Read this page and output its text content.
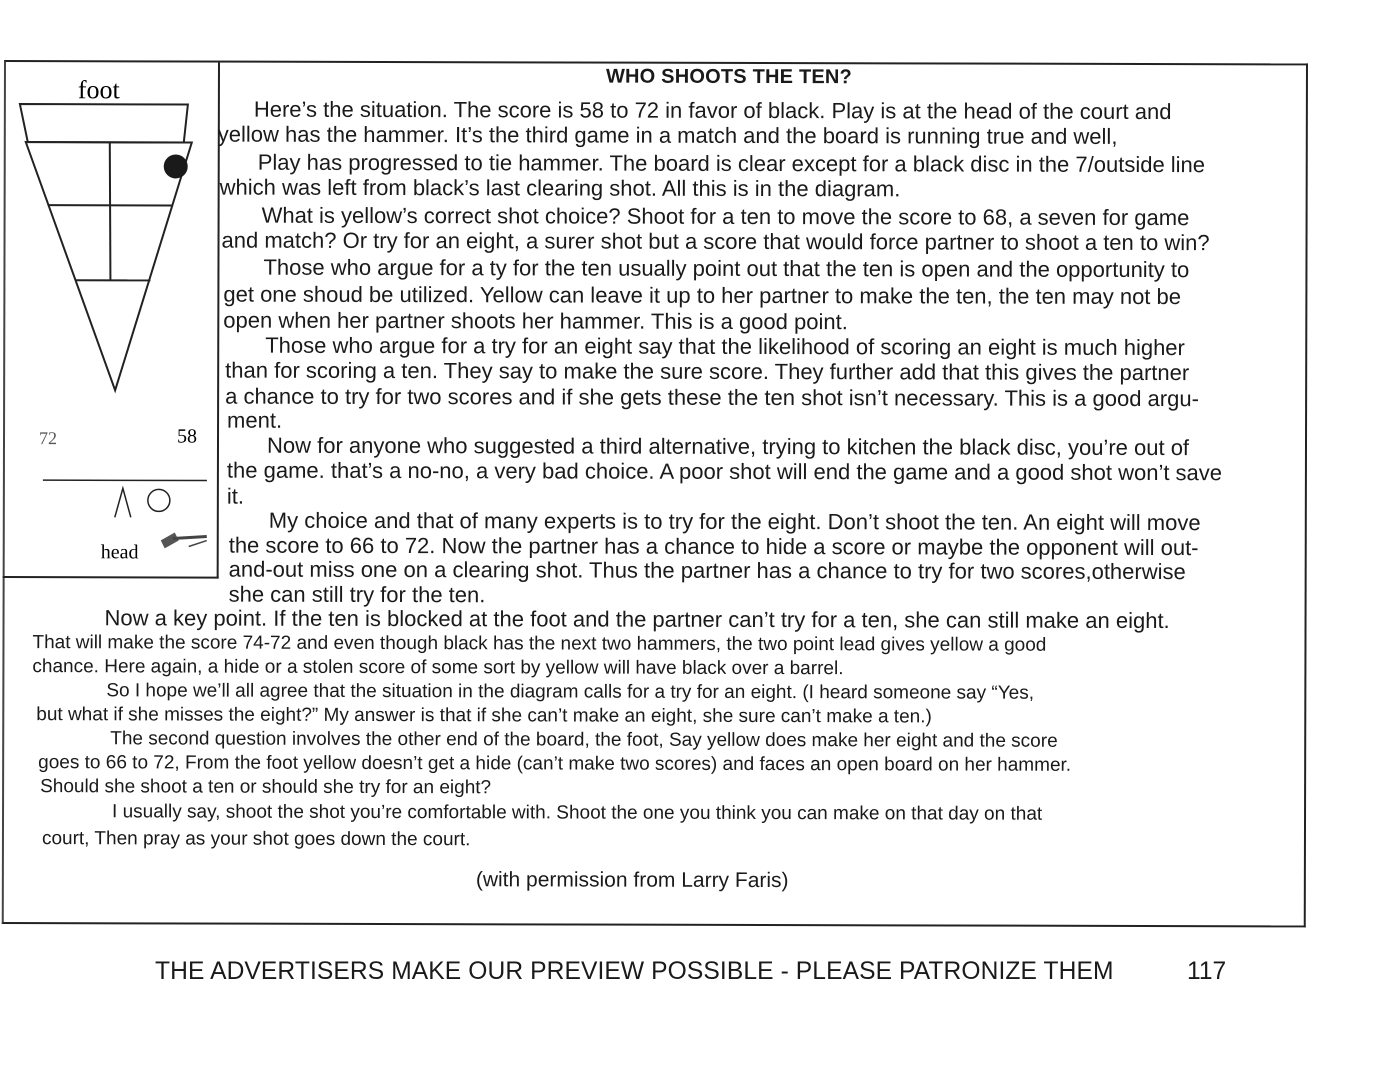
foot
72	58
head
WHO SHOOTS THE TEN?
Here’s the situation. The score is 58 to 72 in favor of black. Play is at the head of the court and
yellow has the hammer. It’s the third game in a match and the board is running true and well,
Play has progressed to tie hammer. The board is clear except for a black disc in the 7/outside line
which was left from black’s last clearing shot. All this is in the diagram.
What is yellow’s correct shot choice? Shoot for a ten to move the score to 68, a seven for game
and match? Or try for an eight, a surer shot but a score that would force partner to shoot a ten to win?
Those who argue for a ty for the ten usually point out that the ten is open and the opportunity to
get one shoud be utilized. Yellow can leave it up to her partner to make the ten, the ten may not be
open when her partner shoots her hammer. This is a good point.
Those who argue for a try for an eight say that the likelihood of scoring an eight is much higher
than for scoring a ten. They say to make the sure score. They further add that this gives the partner
a chance to try for two scores and if she gets these the ten shot isn’t necessary. This is a good argu-
ment.
Now for anyone who suggested a third alternative, trying to kitchen the black disc, you’re out of
the game. that’s a no-no, a very bad choice. A poor shot will end the game and a good shot won’t save
it.
My choice and that of many experts is to try for the eight. Don’t shoot the ten. An eight will move
the score to 66 to 72. Now the partner has a chance to hide a score or maybe the opponent will out-
and-out miss one on a clearing shot. Thus the partner has a chance to try for two scores,otherwise
she can still try for the ten.
Now a key point. If the ten is blocked at the foot and the partner can’t try for a ten, she can still make an eight.
That will make the score 74-72 and even though black has the next two hammers, the two point lead gives yellow a good
chance. Here again, a hide or a stolen score of some sort by yellow will have black over a barrel.
So I hope we’ll all agree that the situation in the diagram calls for a try for an eight. (I heard someone say “Yes,
but what if she misses the eight?” My answer is that if she can’t make an eight, she sure can’t make a ten.)
The second question involves the other end of the board, the foot, Say yellow does make her eight and the score
goes to 66 to 72, From the foot yellow doesn’t get a hide (can’t make two scores) and faces an open board on her hammer.
Should she shoot a ten or should she try for an eight?
I usually say, shoot the shot you’re comfortable with. Shoot the one you think you can make on that day on that
court, Then pray as your shot goes down the court.
(with permission from Larry Faris)
THE ADVERTISERS MAKE OUR PREVIEW POSSIBLE - PLEASE PATRONIZE THEM	117
